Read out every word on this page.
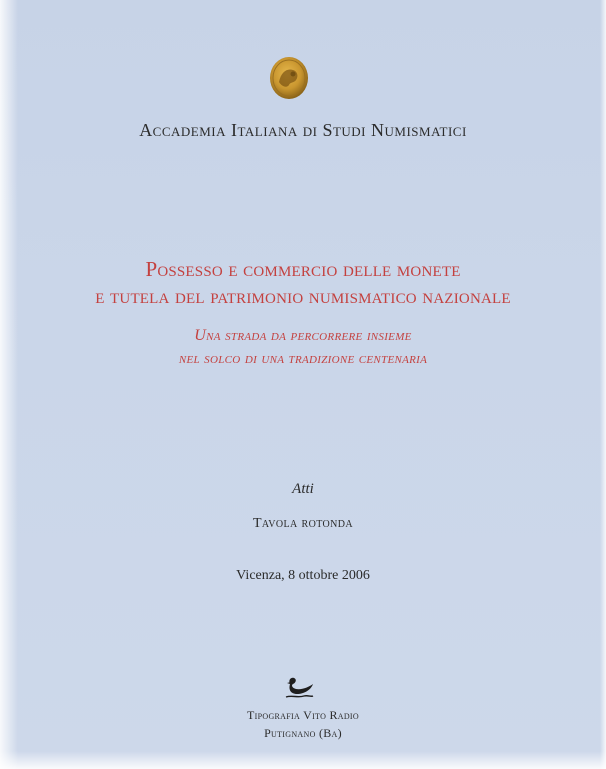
Accademia Italiana di Studi Numismatici
Possesso e commercio delle monete
e tutela del patrimonio numismatico nazionale
Una strada da percorrere insieme
nel solco di una tradizione centenaria
Atti
Tavola rotonda
Vicenza, 8 ottobre 2006
Tipografia Vito Radio
Putignano (Ba)
